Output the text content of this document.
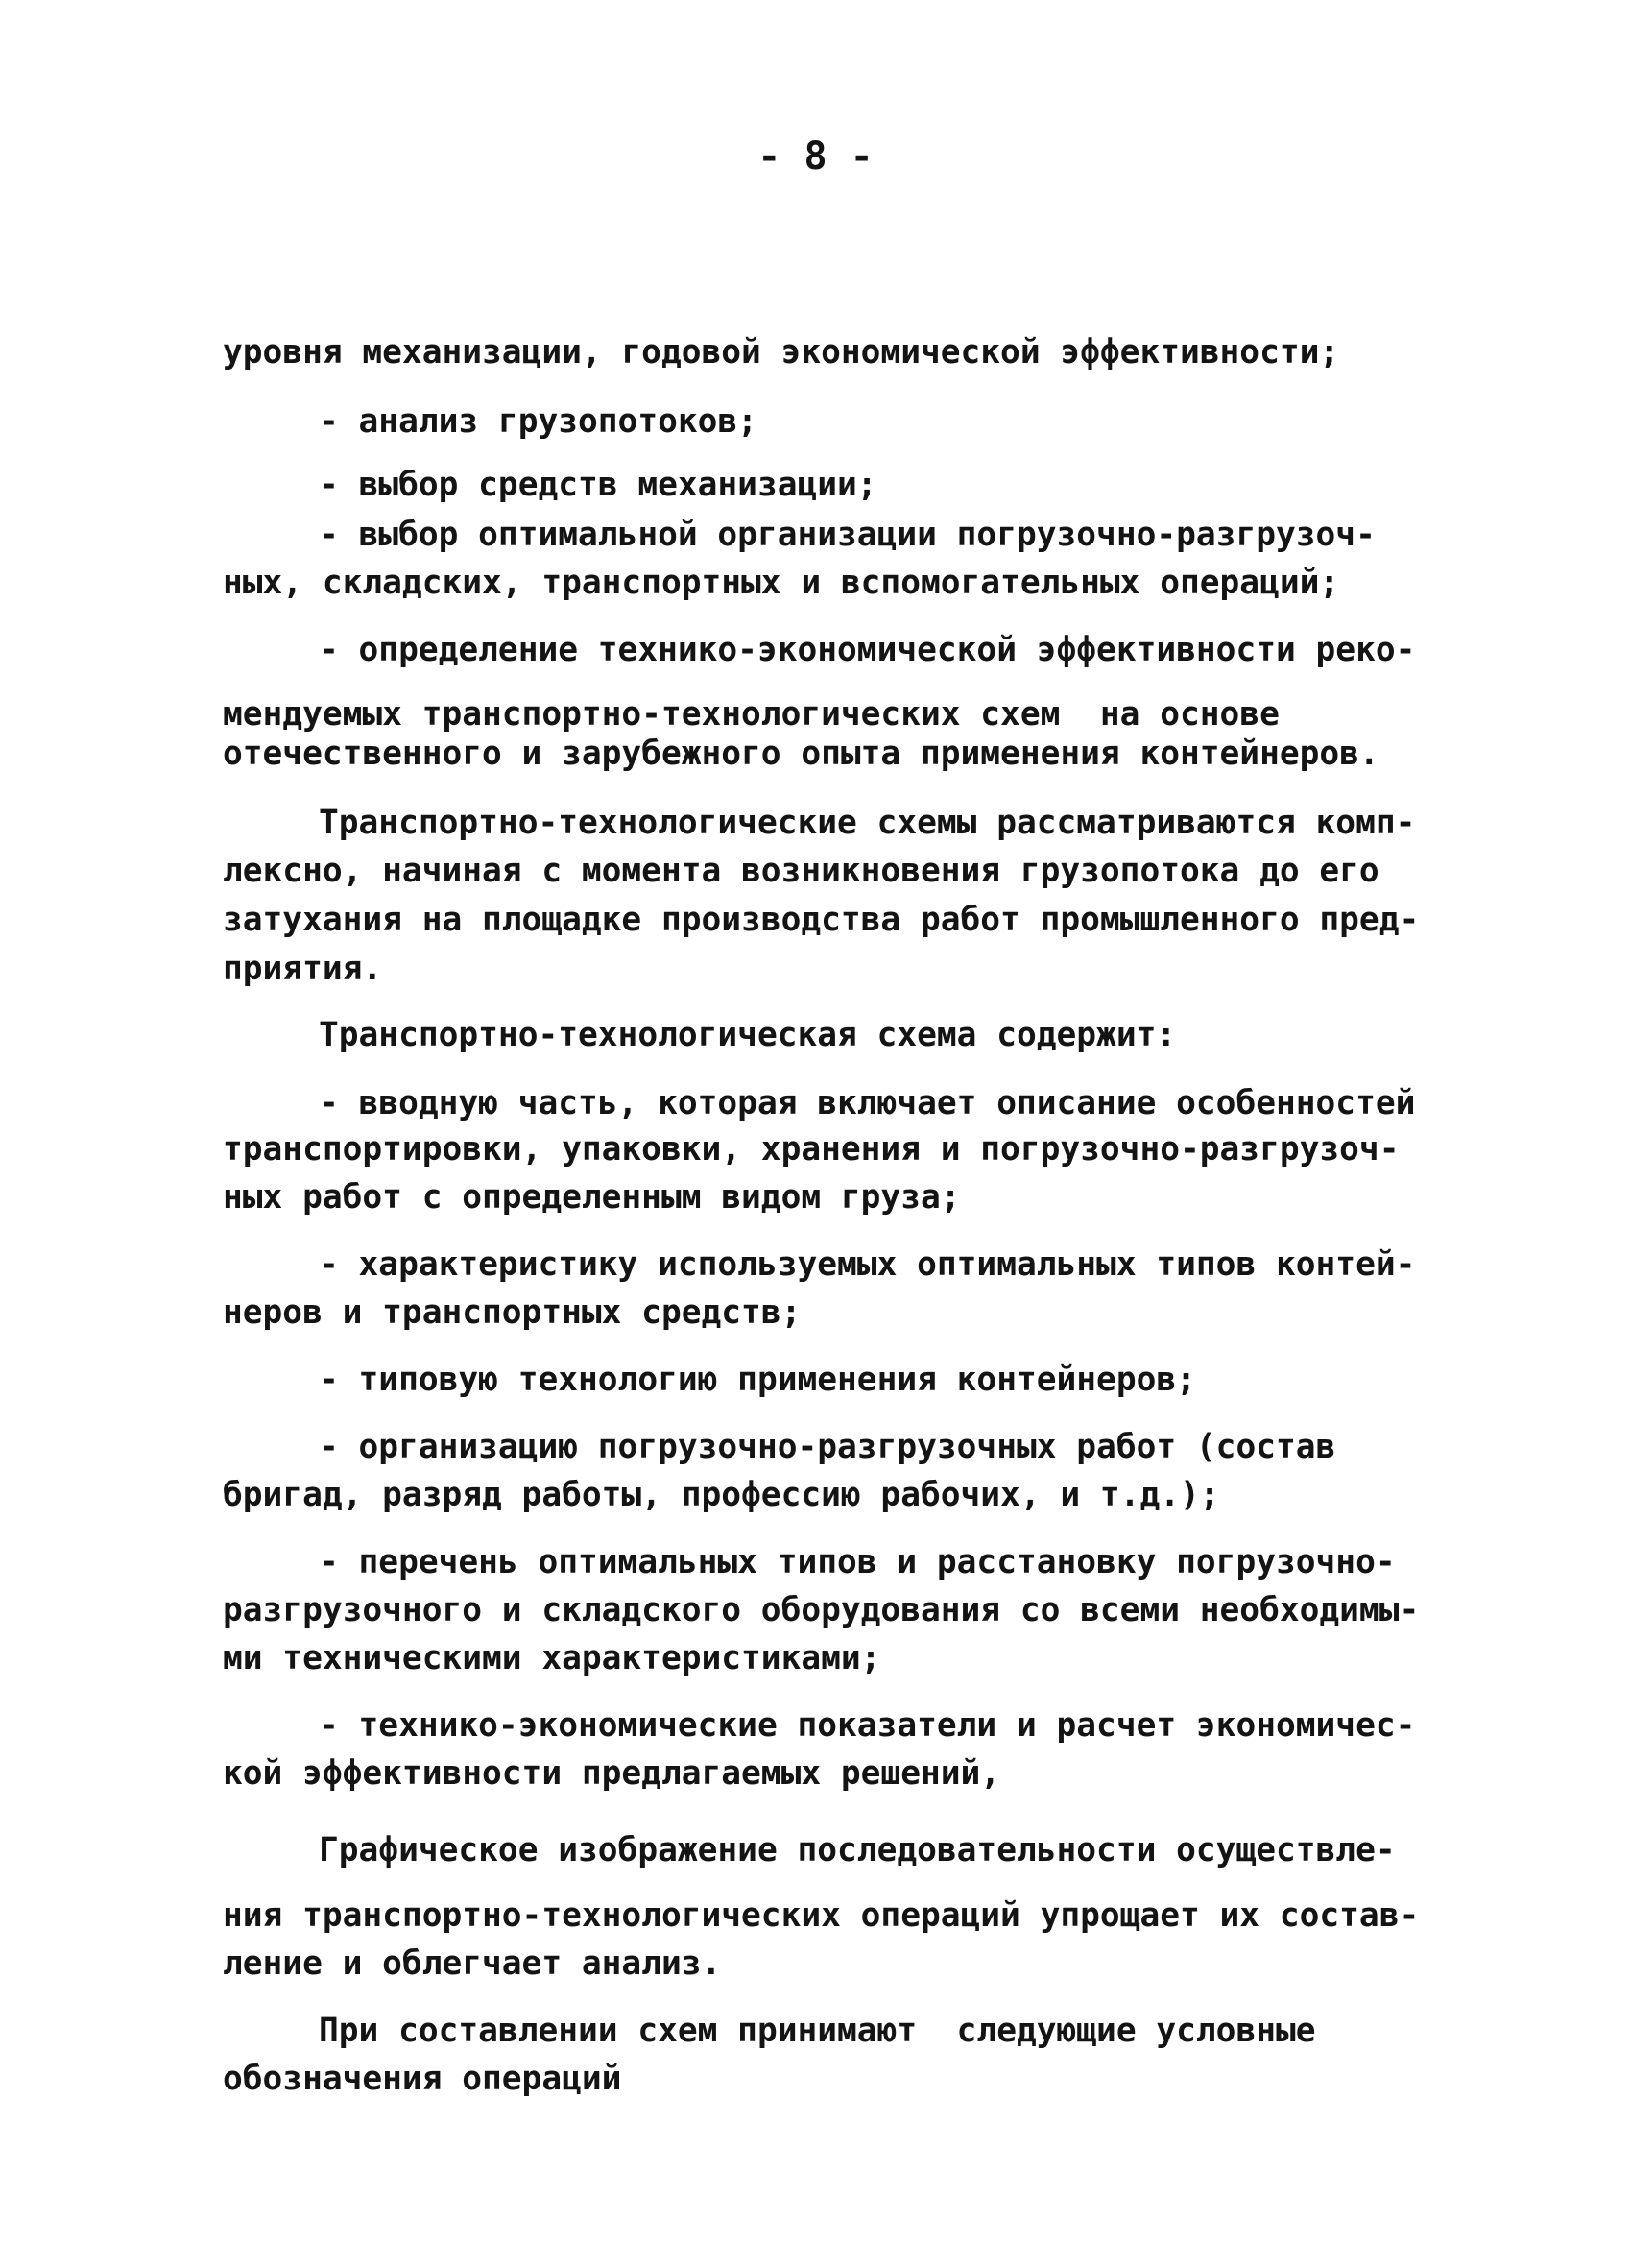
- 8 -
уровня механизации, годовой экономической эффективности;
- анализ грузопотоков;
- выбор средств механизации;
- выбор оптимальной организации погрузочно-разгрузоч-
ных, складских, транспортных и вспомогательных операций;
- определение технико-экономической эффективности реко-
мендуемых транспортно-технологических схем  на основе
отечественного и зарубежного опыта применения контейнеров.
Транспортно-технологические схемы рассматриваются комп-
лексно, начиная с момента возникновения грузопотока до его
затухания на площадке производства работ промышленного пред-
приятия.
Транспортно-технологическая схема содержит:
- вводную часть, которая включает описание особенностей
транспортировки, упаковки, хранения и погрузочно-разгрузоч-
ных работ с определенным видом груза;
- характеристику используемых оптимальных типов контей-
неров и транспортных средств;
- типовую технологию применения контейнеров;
- организацию погрузочно-разгрузочных работ (состав
бригад, разряд работы, профессию рабочих, и т.д.);
- перечень оптимальных типов и расстановку погрузочно-
разгрузочного и складского оборудования со всеми необходимы-
ми техническими характеристиками;
- технико-экономические показатели и расчет экономичес-
кой эффективности предлагаемых решений,
Графическое изображение последовательности осуществле-
ния транспортно-технологических операций упрощает их состав-
ление и облегчает анализ.
При составлении схем принимают  следующие условные
обозначения операций
